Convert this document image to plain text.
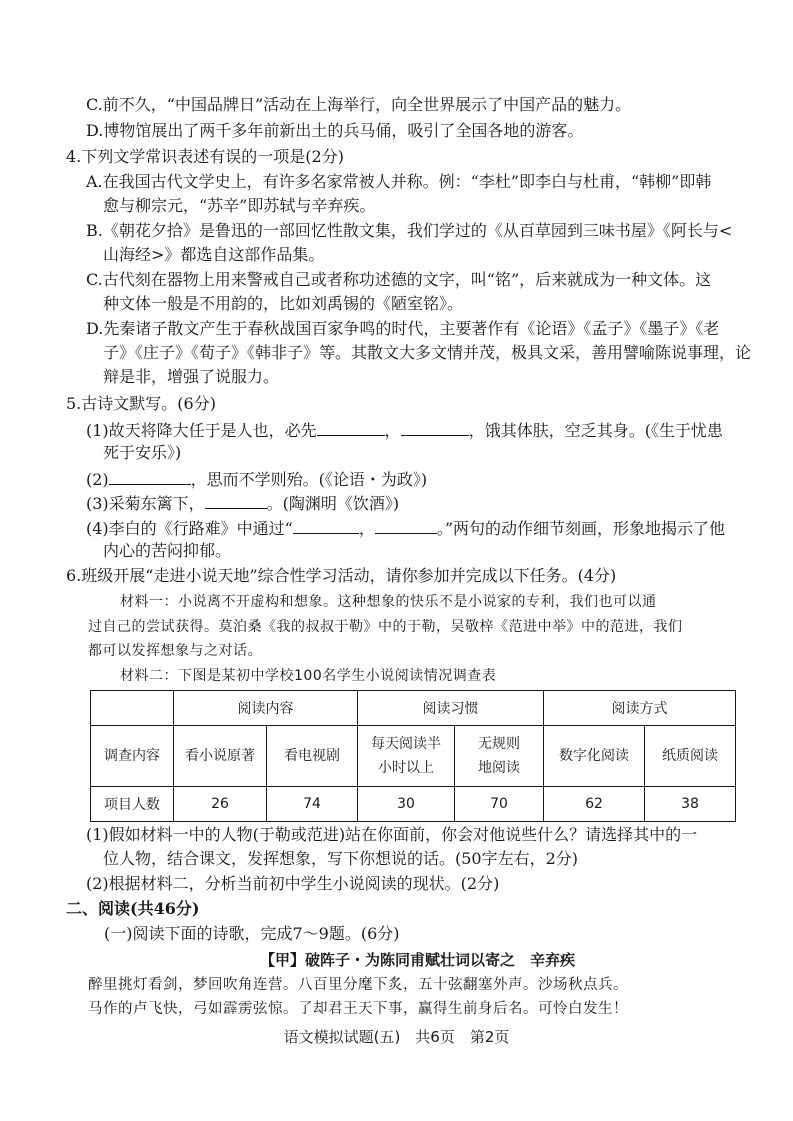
C.前不久，“中国品牌日”活动在上海举行，向全世界展示了中国产品的魅力。
D.博物馆展出了两千多年前新出土的兵马俑，吸引了全国各地的游客。
4.下列文学常识表述有误的一项是(2分)
A.在我国古代文学史上，有许多名家常被人并称。例：“李杜”即李白与杜甫，“韩柳”即韩
愈与柳宗元，“苏辛”即苏轼与辛弃疾。
B.《朝花夕拾》是鲁迅的一部回忆性散文集，我们学过的《从百草园到三味书屋》《阿长与<
山海经>》都选自这部作品集。
C.古代刻在器物上用来警戒自己或者称功述德的文字，叫“铭”，后来就成为一种文体。这
种文体一般是不用韵的，比如刘禹锡的《陋室铭》。
D.先秦诸子散文产生于春秋战国百家争鸣的时代，主要著作有《论语》《孟子》《墨子》《老
子》《庄子》《荀子》《韩非子》等。其散文大多文情并茂，极具文采，善用譬喻陈说事理，论
辩是非，增强了说服力。
5.古诗文默写。(6分)
(1)故天将降大任于是人也，必先	，	，饿其体肤，空乏其身。(《生于忧患
死于安乐》)
(2)	，思而不学则殆。(《论语・为政》)
(3)采菊东篱下，	。(陶渊明《饮酒》)
(4)李白的《行路难》中通过“	，	。”两句的动作细节刻画，形象地揭示了他
内心的苦闷抑郁。
6.班级开展“走进小说天地”综合性学习活动，请你参加并完成以下任务。(4分)
材料一：小说离不开虚构和想象。这种想象的快乐不是小说家的专利，我们也可以通
过自己的尝试获得。莫泊桑《我的叔叔于勒》中的于勒，吴敬梓《范进中举》中的范进，我们
都可以发挥想象与之对话。
材料二：下图是某初中学校100名学生小说阅读情况调查表
	阅读内容		阅读习惯		阅读方式	
调查内容	看小说原著	看电视剧	每天阅读半
小时以上	无规则
地阅读	数字化阅读	纸质阅读
项目人数	26	74	30	70	62	38
(1)假如材料一中的人物(于勒或范进)站在你面前，你会对他说些什么？请选择其中的一
位人物，结合课文，发挥想象，写下你想说的话。(50字左右，2分)
(2)根据材料二，分析当前初中学生小说阅读的现状。(2分)
二、阅读(共46分)
(一)阅读下面的诗歌，完成7～9题。(6分)
【甲】破阵子・为陈同甫赋壮词以寄之　辛弃疾
醉里挑灯看剑，梦回吹角连营。八百里分麾下炙，五十弦翻塞外声。沙场秋点兵。
马作的卢飞快，弓如霹雳弦惊。了却君王天下事，赢得生前身后名。可怜白发生！
语文模拟试题(五)　共6页　第2页
